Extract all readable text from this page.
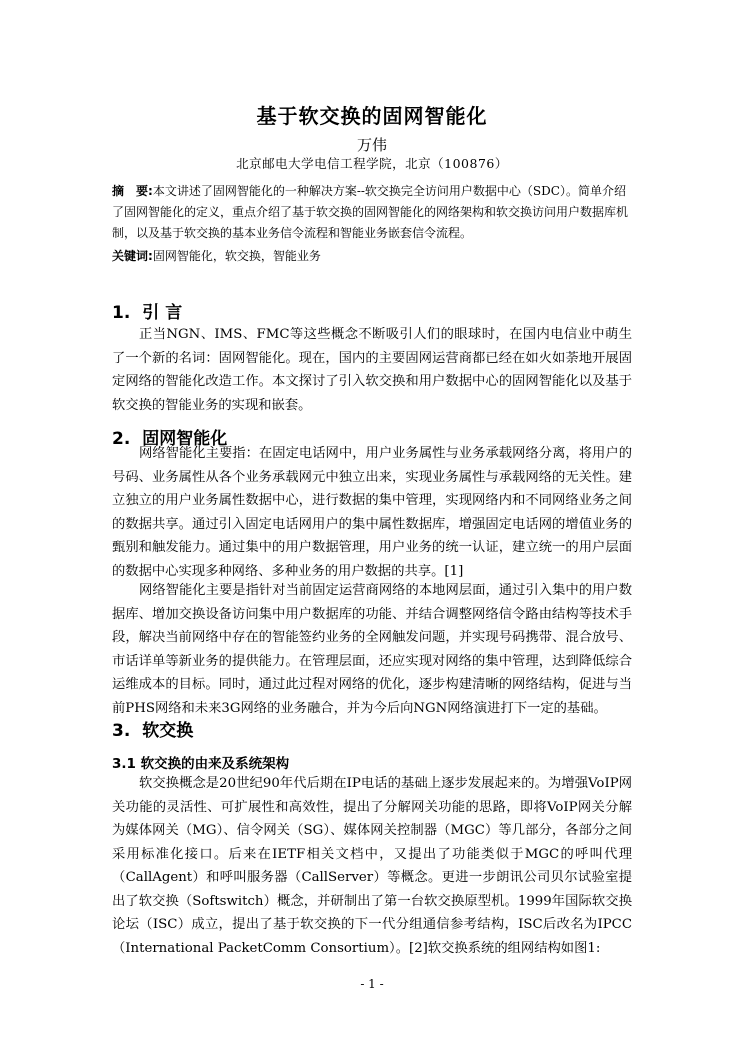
基于软交换的固网智能化
万伟
北京邮电大学电信工程学院，北京（100876）
摘　要:本文讲述了固网智能化的一种解决方案--软交换完全访问用户数据中心（SDC）。简单介绍了固网智能化的定义，重点介绍了基于软交换的固网智能化的网络架构和软交换访问用户数据库机制，以及基于软交换的基本业务信令流程和智能业务嵌套信令流程。
关键词:固网智能化，软交换，智能业务
1. 引 言

正当NGN、IMS、FMC等这些概念不断吸引人们的眼球时，在国内电信业中萌生了一个新的名词：固网智能化。现在，国内的主要固网运营商都已经在如火如荼地开展固定网络的智能化改造工作。本文探讨了引入软交换和用户数据中心的固网智能化以及基于软交换的智能业务的实现和嵌套。

2. 固网智能化

网络智能化主要指：在固定电话网中，用户业务属性与业务承载网络分离，将用户的号码、业务属性从各个业务承载网元中独立出来，实现业务属性与承载网络的无关性。建立独立的用户业务属性数据中心，进行数据的集中管理，实现网络内和不同网络业务之间的数据共享。通过引入固定电话网用户的集中属性数据库，增强固定电话网的增值业务的甄别和触发能力。通过集中的用户数据管理，用户业务的统一认证，建立统一的用户层面的数据中心实现多种网络、多种业务的用户数据的共享。[1]

网络智能化主要是指针对当前固定运营商网络的本地网层面，通过引入集中的用户数据库、增加交换设备访问集中用户数据库的功能、并结合调整网络信令路由结构等技术手段，解决当前网络中存在的智能签约业务的全网触发问题，并实现号码携带、混合放号、市话详单等新业务的提供能力。在管理层面，还应实现对网络的集中管理，达到降低综合运维成本的目标。同时，通过此过程对网络的优化，逐步构建清晰的网络结构，促进与当前PHS网络和未来3G网络的业务融合，并为今后向NGN网络演进打下一定的基础。

3. 软交换
3.1 软交换的由来及系统架构

软交换概念是20世纪90年代后期在IP电话的基础上逐步发展起来的。为增强VoIP网关功能的灵活性、可扩展性和高效性，提出了分解网关功能的思路，即将VoIP网关分解为媒体网关（MG）、信令网关（SG）、媒体网关控制器（MGC）等几部分，各部分之间采用标准化接口。后来在IETF相关文档中，又提出了功能类似于MGC的呼叫代理（CallAgent）和呼叫服务器（CallServer）等概念。更进一步朗讯公司贝尔试验室提出了软交换（Softswitch）概念，并研制出了第一台软交换原型机。1999年国际软交换论坛（ISC）成立，提出了基于软交换的下一代分组通信参考结构，ISC后改名为IPCC（International PacketComm Consortium）。[2]软交换系统的组网结构如图1:

- 1 -
